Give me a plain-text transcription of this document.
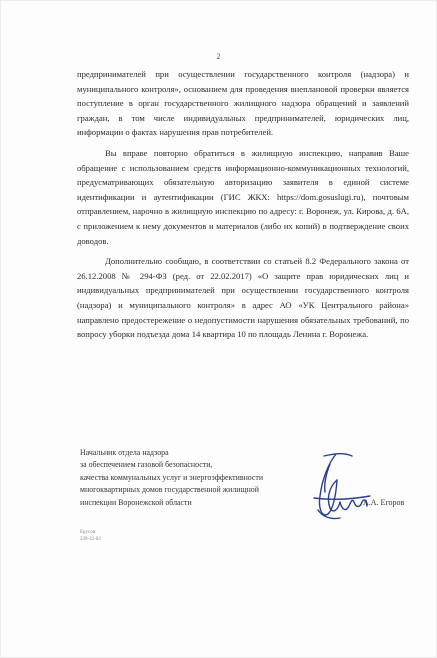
2

предпринимателей при осуществлении государственного контроля (надзора) и муниципального контроля», основанием для проведения внеплановой проверки является поступление в орган государственного жилищного надзора обращений и заявлений граждан, в том числе индивидуальных предпринимателей, юридических лиц, информации о фактах нарушения прав потребителей.

Вы вправе повторно обратиться в жилищную инспекцию, направив Ваше обращение с использованием средств информационно-коммуникационных технологий, предусматривающих обязательную авторизацию заявителя в единой системе идентификации и аутентификации (ГИС ЖКХ: https://dom.gosuslugi.ru), почтовым отправлением, нарочно в жилищную инспекцию по адресу: г. Воронеж, ул. Кирова, д. 6А, с приложением к нему документов и материалов (либо их копий) в подтверждение своих доводов.

Дополнительно сообщаю, в соответствии со статьей 8.2 Федерального закона от 26.12.2008 № 294-ФЗ (ред. от 22.02.2017) «О защите прав юридических лиц и индивидуальных предпринимателей при осуществлении государственного контроля (надзора) и муниципального контроля» в адрес АО «УК Центрального района» направлено предостережение о недопустимости нарушения обязательных требований, по вопросу уборки подъезда дома 14 квартира 10 по площадь Ленина г. Воронежа.

Начальник отдела надзора
за обеспечением газовой безопасности,
качества коммунальных услуг и энергоэффективности
многоквартирных домов государственной жилищной
инспекции Воронежской области	А.А. Егоров
Ерусов
239-32-83
